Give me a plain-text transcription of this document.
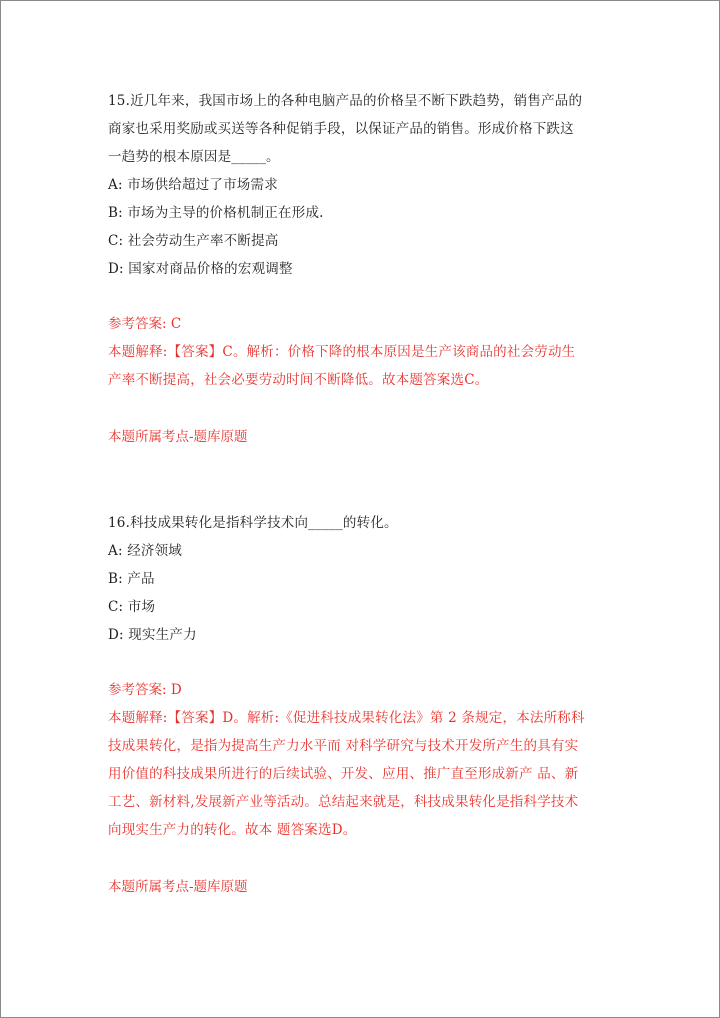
15.近几年来，我国市场上的各种电脑产品的价格呈不断下跌趋势，销售产品的

商家也采用奖励或买送等各种促销手段，以保证产品的销售。形成价格下跌这

一趋势的根本原因是_____。

A: 市场供给超过了市场需求

B: 市场为主导的价格机制正在形成.

C: 社会劳动生产率不断提高

D: 国家对商品价格的宏观调整

参考答案: C

本题解释:【答案】C。解析：价格下降的根本原因是生产该商品的社会劳动生

产率不断提高，社会必要劳动时间不断降低。故本题答案选C。

本题所属考点-题库原题

16.科技成果转化是指科学技术向_____的转化。

A: 经济领域

B: 产品

C: 市场

D: 现实生产力

参考答案: D

本题解释:【答案】D。解析:《促进科技成果转化法》第 2 条规定，本法所称科

技成果转化，是指为提高生产力水平而 对科学研究与技术开发所产生的具有实

用价值的科技成果所进行的后续试验、开发、应用、推广直至形成新产 品、新

工艺、新材料,发展新产业等活动。总结起来就是，科技成果转化是指科学技术

向现实生产力的转化。故本 题答案选D。

本题所属考点-题库原题
